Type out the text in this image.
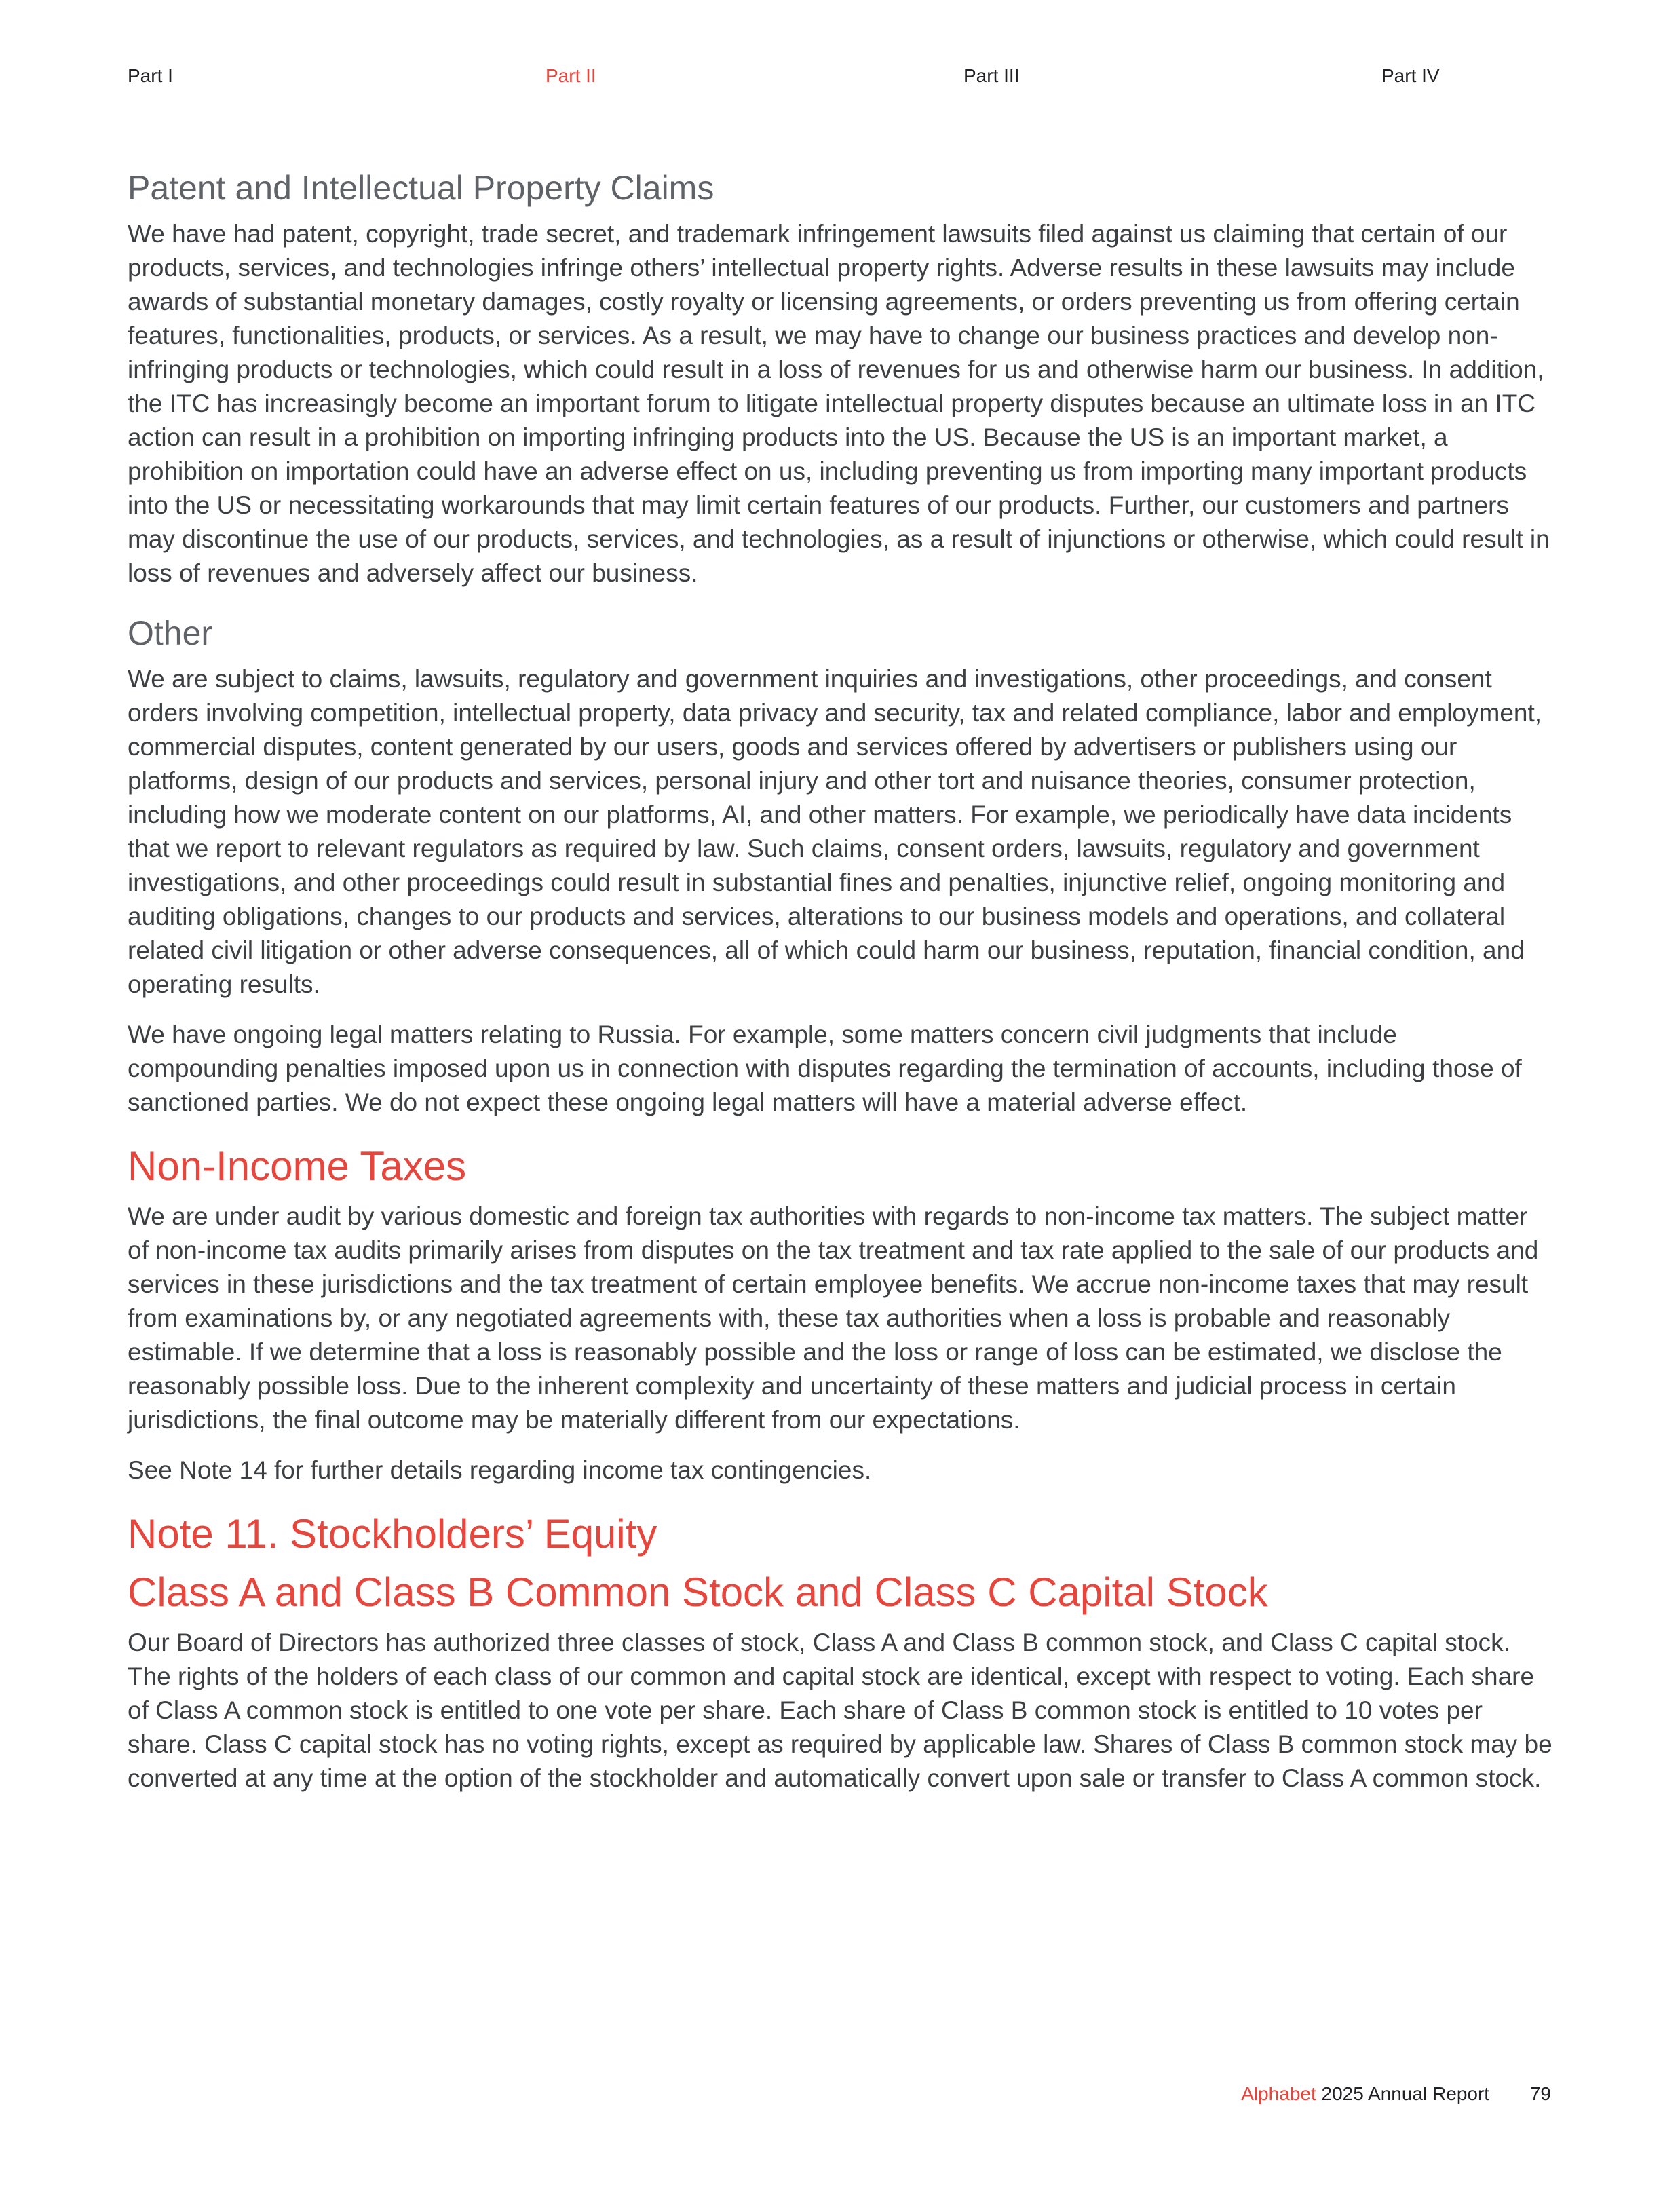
Part I	Part II	Part III	Part IV
Patent and Intellectual Property Claims

We have had patent, copyright, trade secret, and trademark infringement lawsuits filed against us claiming that certain of our products, services, and technologies infringe others’ intellectual property rights. Adverse results in these lawsuits may include awards of substantial monetary damages, costly royalty or licensing agreements, or orders preventing us from offering certain features, functionalities, products, or services. As a result, we may have to change our business practices and develop non-infringing products or technologies, which could result in a loss of revenues for us and otherwise harm our business. In addition, the ITC has increasingly become an important forum to litigate intellectual property disputes because an ultimate loss in an ITC action can result in a prohibition on importing infringing products into the US. Because the US is an important market, a prohibition on importation could have an adverse effect on us, including preventing us from importing many important products into the US or necessitating workarounds that may limit certain features of our products. Further, our customers and partners may discontinue the use of our products, services, and technologies, as a result of injunctions or otherwise, which could result in loss of revenues and adversely affect our business.

Other

We are subject to claims, lawsuits, regulatory and government inquiries and investigations, other proceedings, and consent orders involving competition, intellectual property, data privacy and security, tax and related compliance, labor and employment, commercial disputes, content generated by our users, goods and services offered by advertisers or publishers using our platforms, design of our products and services, personal injury and other tort and nuisance theories, consumer protection, including how we moderate content on our platforms, AI, and other matters. For example, we periodically have data incidents that we report to relevant regulators as required by law. Such claims, consent orders, lawsuits, regulatory and government investigations, and other proceedings could result in substantial fines and penalties, injunctive relief, ongoing monitoring and auditing obligations, changes to our products and services, alterations to our business models and operations, and collateral related civil litigation or other adverse consequences, all of which could harm our business, reputation, financial condition, and operating results.

We have ongoing legal matters relating to Russia. For example, some matters concern civil judgments that include compounding penalties imposed upon us in connection with disputes regarding the termination of accounts, including those of sanctioned parties. We do not expect these ongoing legal matters will have a material adverse effect.

Non-Income Taxes

We are under audit by various domestic and foreign tax authorities with regards to non-income tax matters. The subject matter of non-income tax audits primarily arises from disputes on the tax treatment and tax rate applied to the sale of our products and services in these jurisdictions and the tax treatment of certain employee benefits. We accrue non-income taxes that may result from examinations by, or any negotiated agreements with, these tax authorities when a loss is probable and reasonably estimable. If we determine that a loss is reasonably possible and the loss or range of loss can be estimated, we disclose the reasonably possible loss. Due to the inherent complexity and uncertainty of these matters and judicial process in certain jurisdictions, the final outcome may be materially different from our expectations.

See Note 14 for further details regarding income tax contingencies.

Note 11. Stockholders’ Equity
Class A and Class B Common Stock and Class C Capital Stock

Our Board of Directors has authorized three classes of stock, Class A and Class B common stock, and Class C capital stock. The rights of the holders of each class of our common and capital stock are identical, except with respect to voting. Each share of Class A common stock is entitled to one vote per share. Each share of Class B common stock is entitled to 10 votes per share. Class C capital stock has no voting rights, except as required by applicable law. Shares of Class B common stock may be converted at any time at the option of the stockholder and automatically convert upon sale or transfer to Class A common stock.

Alphabet 2025 Annual Report 79
